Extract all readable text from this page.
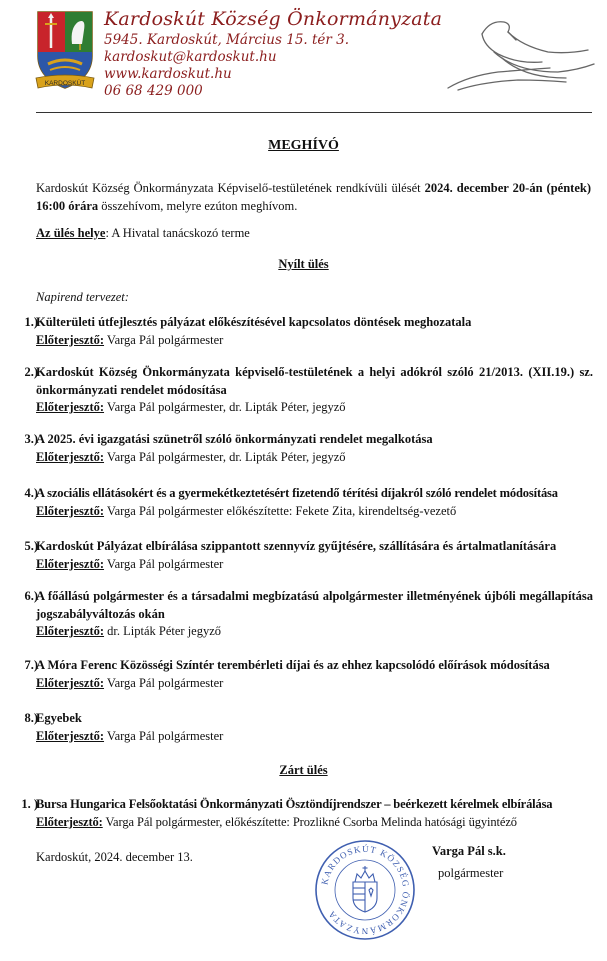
KARDOSKÚT
Kardoskút Község Önkormányzata
5945. Kardoskút, Március 15. tér 3.
kardoskut@kardoskut.hu
www.kardoskut.hu
06 68 429 000
MEGHÍVÓ
Kardoskút Község Önkormányzata Képviselő-testületének rendkívüli ülését 2024. december 20-án (péntek) 16:00 órára összehívom, melyre ezúton meghívom.
Az ülés helye: A Hivatal tanácskozó terme
Nyílt ülés
Napirend tervezet:
1.)
Külterületi útfejlesztés pályázat előkészítésével kapcsolatos döntések meghozatala
Előterjesztő: Varga Pál polgármester
2.)
Kardoskút Község Önkormányzata képviselő-testületének a helyi adókról szóló 21/2013. (XII.19.) sz. önkormányzati rendelet módosítása
Előterjesztő: Varga Pál polgármester, dr. Lipták Péter, jegyző
3.)
A 2025. évi igazgatási szünetről szóló önkormányzati rendelet megalkotása
Előterjesztő: Varga Pál polgármester, dr. Lipták Péter, jegyző
4.)
A szociális ellátásokért és a gyermekétkeztetésért fizetendő térítési díjakról szóló rendelet módosítása
Előterjesztő: Varga Pál polgármester előkészítette: Fekete Zita, kirendeltség-vezető
5.)
Kardoskút Pályázat elbírálása szippantott szennyvíz gyűjtésére, szállítására és ártalmatlanítására
Előterjesztő: Varga Pál polgármester
6.)
A főállású polgármester és a társadalmi megbízatású alpolgármester illetményének újbóli megállapítása jogszabályváltozás okán
Előterjesztő: dr. Lipták Péter jegyző
7.)
A Móra Ferenc Közösségi Színtér terembérleti díjai és az ehhez kapcsolódó előírások módosítása
Előterjesztő: Varga Pál polgármester
8.)
Egyebek
Előterjesztő: Varga Pál polgármester
Zárt ülés
1. )
Bursa Hungarica Felsőoktatási Önkormányzati Ösztöndíjrendszer – beérkezett kérelmek elbírálása
Előterjesztő: Varga Pál polgármester, előkészítette: Prozlikné Csorba Melinda hatósági ügyintéző
Kardoskút, 2024. december 13.
KARDOSKÚT KÖZSÉG ÖNKORMÁNYZATA
Varga Pál s.k.
polgármester
